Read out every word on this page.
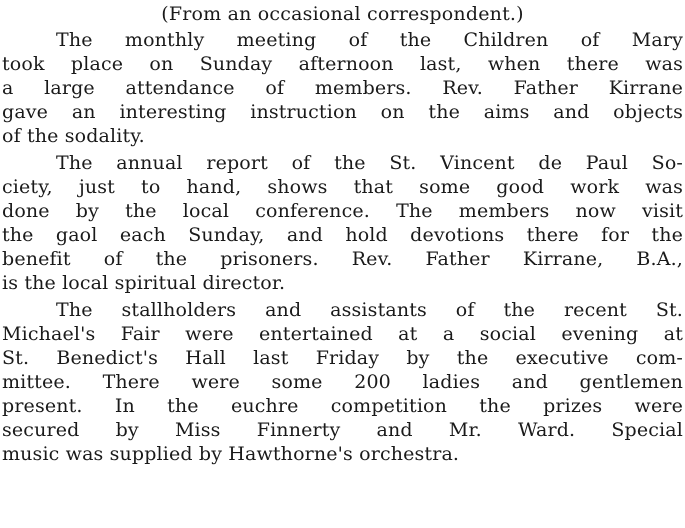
(From an occasional correspondent.)

The monthly meeting of the Children of Mary
took place on Sunday afternoon last, when there was
a large attendance of members. Rev. Father Kirrane
gave an interesting instruction on the aims and objects
of the sodality.

The annual report of the St. Vincent de Paul So-
ciety, just to hand, shows that some good work was
done by the local conference. The members now visit
the gaol each Sunday, and hold devotions there for the
benefit of the prisoners. Rev. Father Kirrane, B.A.,
is the local spiritual director.

The stallholders and assistants of the recent St.
Michael's Fair were entertained at a social evening at
St. Benedict's Hall last Friday by the executive com-
mittee. There were some 200 ladies and gentlemen
present. In the euchre competition the prizes were
secured by Miss Finnerty and Mr. Ward. Special
music was supplied by Hawthorne's orchestra.
